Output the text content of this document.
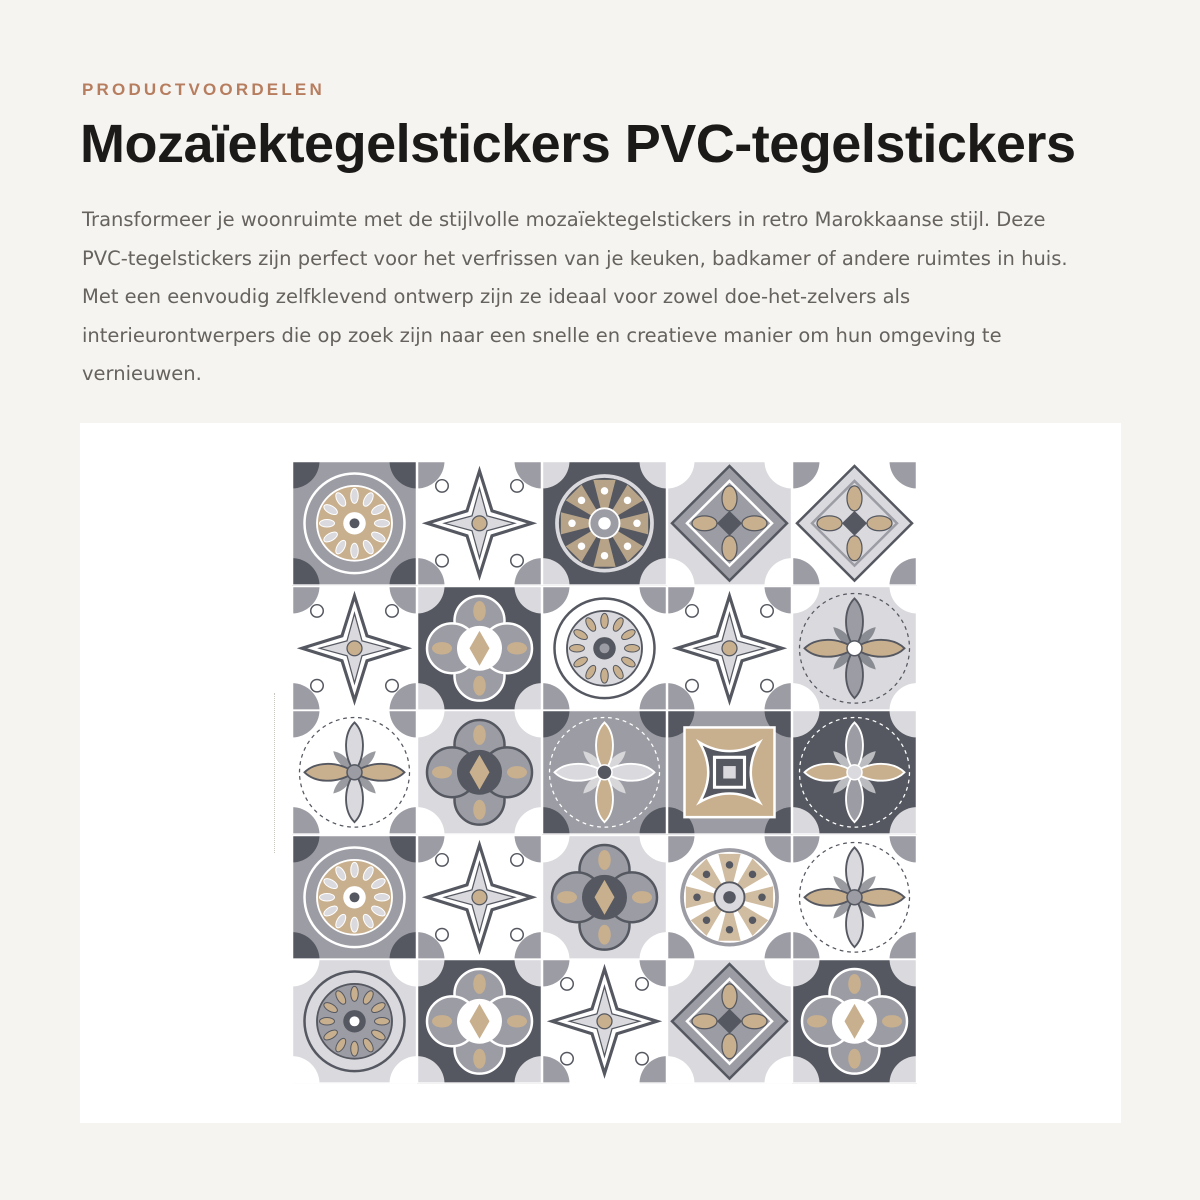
PRODUCTVOORDELEN
Mozaïektegelstickers PVC-tegelstickers

Transformeer je woonruimte met de stijlvolle mozaïektegelstickers in retro Marokkaanse stijl. Deze PVC-tegelstickers zijn perfect voor het verfrissen van je keuken, badkamer of andere ruimtes in huis. Met een eenvoudig zelfklevend ontwerp zijn ze ideaal voor zowel doe-het-zelvers als interieurontwerpers die op zoek zijn naar een snelle en creatieve manier om hun omgeving te vernieuwen.
